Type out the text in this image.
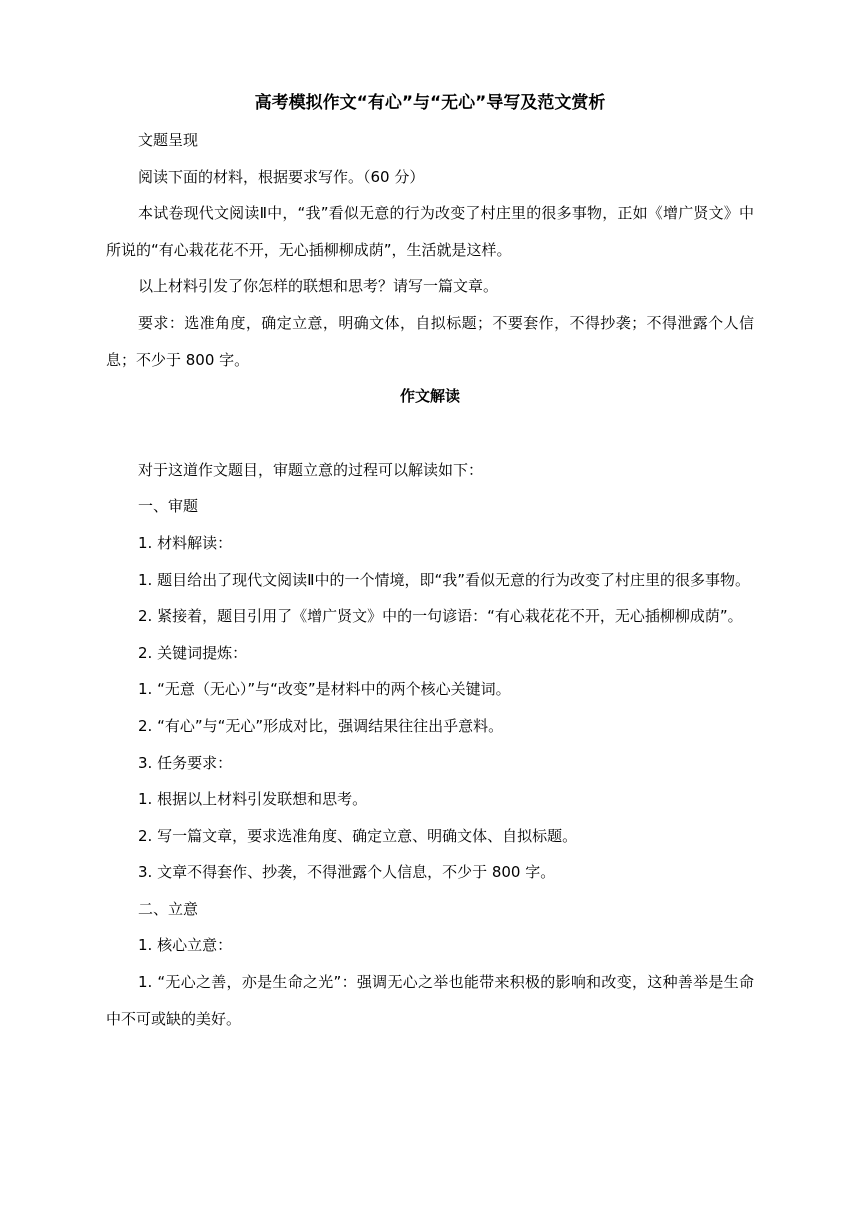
高考模拟作文“有心”与“无心”导写及范文赏析

文题呈现

阅读下面的材料，根据要求写作。（60 分）

本试卷现代文阅读Ⅱ中，“我”看似无意的行为改变了村庄里的很多事物，正如《增广贤文》中所说的“有心栽花花不开，无心插柳柳成荫”，生活就是这样。

以上材料引发了你怎样的联想和思考？请写一篇文章。

要求：选准角度，确定立意，明确文体，自拟标题；不要套作，不得抄袭；不得泄露个人信息；不少于 800 字。

作文解读

对于这道作文题目，审题立意的过程可以解读如下：

一、审题

1. 材料解读：

1. 题目给出了现代文阅读Ⅱ中的一个情境，即“我”看似无意的行为改变了村庄里的很多事物。

2. 紧接着，题目引用了《增广贤文》中的一句谚语：“有心栽花花不开，无心插柳柳成荫”。

2. 关键词提炼：

1. “无意（无心）”与“改变”是材料中的两个核心关键词。

2. “有心”与“无心”形成对比，强调结果往往出乎意料。

3. 任务要求：

1. 根据以上材料引发联想和思考。

2. 写一篇文章，要求选准角度、确定立意、明确文体、自拟标题。

3. 文章不得套作、抄袭，不得泄露个人信息，不少于 800 字。

二、立意

1. 核心立意：

1. “无心之善，亦是生命之光”：强调无心之举也能带来积极的影响和改变，这种善举是生命中不可或缺的美好。
